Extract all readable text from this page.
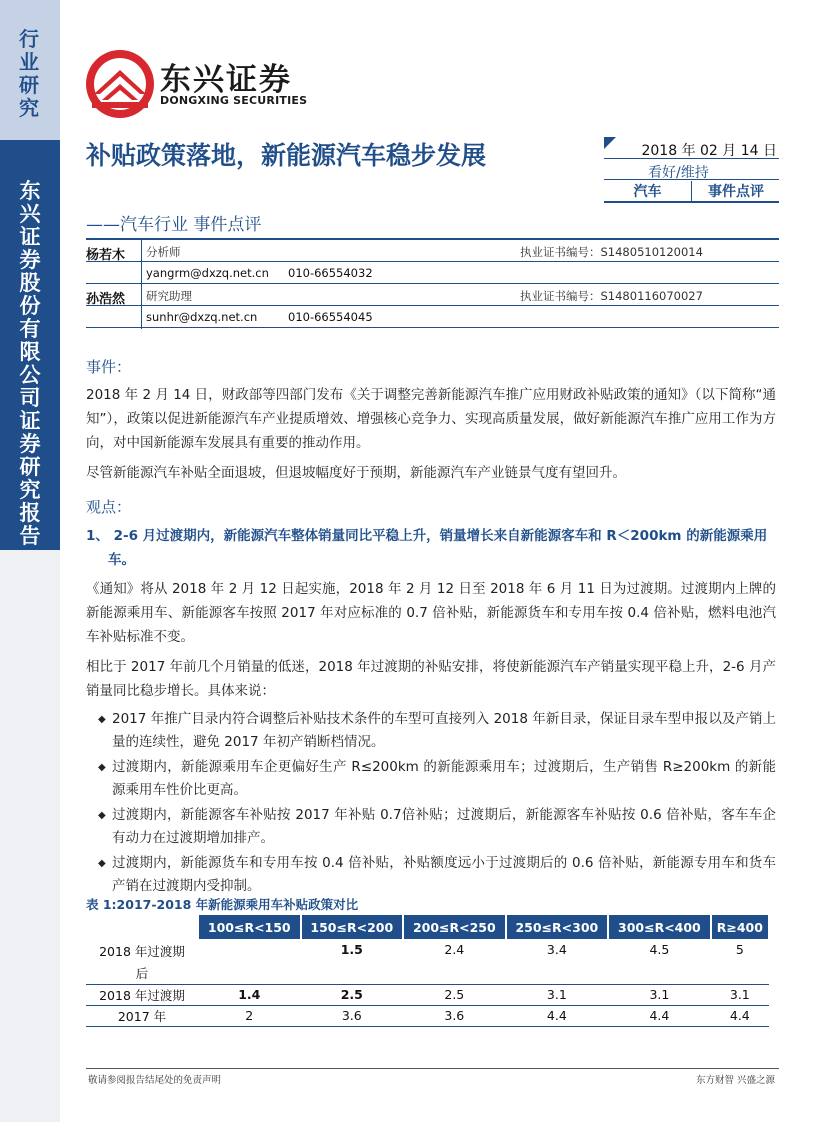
行业研究
东兴证券股份有限公司证券研究报告
东兴证券
DONGXING SECURITIES
补贴政策落地，新能源汽车稳步发展
——汽车行业 事件点评
2018 年 02 月 14 日
看好/维持
汽车	事件点评
杨若木 分析师	执业证书编号：S1480510120014
yangrm@dxzq.net.cn 010-66554032
孙浩然 研究助理	执业证书编号：S1480116070027
sunhr@dxzq.net.cn	010-66554045
事件：
2018 年 2 月 14 日，财政部等四部门发布《关于调整完善新能源汽车推广应用财政补贴政策的通知》（以下简称“通知”），政策以促进新能源汽车产业提质增效、增强核心竞争力、实现高质量发展，做好新能源汽车推广应用工作为方向，对中国新能源车发展具有重要的推动作用。
尽管新能源汽车补贴全面退坡，但退坡幅度好于预期，新能源汽车产业链景气度有望回升。
观点：
1、 2-6 月过渡期内，新能源汽车整体销量同比平稳上升，销量增长来自新能源客车和 R＜200km 的新能源乘用车。
《通知》将从 2018 年 2 月 12 日起实施，2018 年 2 月 12 日至 2018 年 6 月 11 日为过渡期。过渡期内上牌的新能源乘用车、新能源客车按照 2017 年对应标准的 0.7 倍补贴，新能源货车和专用车按 0.4 倍补贴，燃料电池汽车补贴标准不变。
相比于 2017 年前几个月销量的低迷，2018 年过渡期的补贴安排，将使新能源汽车产销量实现平稳上升，2-6 月产销量同比稳步增长。具体来说：
◆ 2017 年推广目录内符合调整后补贴技术条件的车型可直接列入 2018 年新目录，保证目录车型申报以及产销上量的连续性，避免 2017 年初产销断档情况。
◆ 过渡期内，新能源乘用车企更偏好生产 R≤200km 的新能源乘用车；过渡期后，生产销售 R≥200km 的新能源乘用车性价比更高。
◆ 过渡期内，新能源客车补贴按 2017 年补贴 0.7倍补贴；过渡期后，新能源客车补贴按 0.6 倍补贴，客车车企有动力在过渡期增加排产。
◆ 过渡期内，新能源货车和专用车按 0.4 倍补贴，补贴额度远小于过渡期后的 0.6 倍补贴，新能源专用车和货车产销在过渡期内受抑制。
表 1:2017-2018 年新能源乘用车补贴政策对比
	100≤R<150	150≤R<200	200≤R<250	250≤R<300	300≤R<400	R≥400
2018 年过渡期		1.5	2.4	3.4	4.5	5
后						
2018 年过渡期	1.4	2.5	2.5	3.1	3.1	3.1
2017 年	2	3.6	3.6	4.4	4.4	4.4
敬请参阅报告结尾处的免责声明	东方财智 兴盛之源
